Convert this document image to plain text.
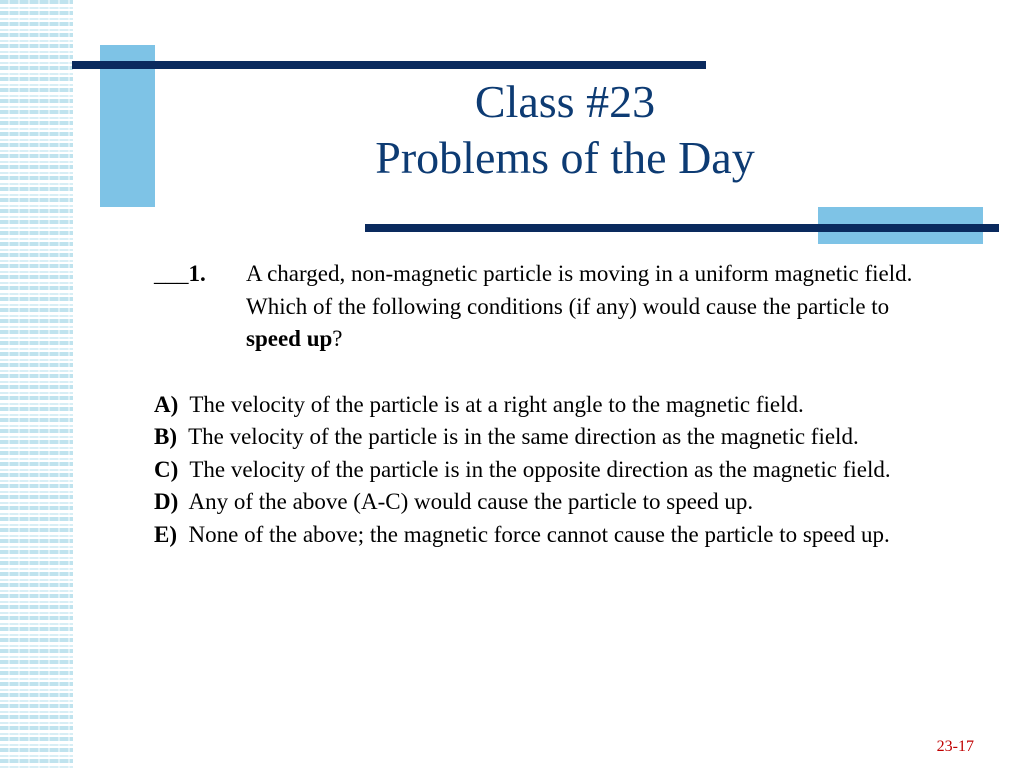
Class #23
Problems of the Day
___1.	A charged, non-magnetic particle is moving in a uniform magnetic field. Which of the following conditions (if any) would cause the particle to speed up?
A) The velocity of the particle is at a right angle to the magnetic field.
B) The velocity of the particle is in the same direction as the magnetic field.
C) The velocity of the particle is in the opposite direction as the magnetic field.
D) Any of the above (A-C) would cause the particle to speed up.
E) None of the above; the magnetic force cannot cause the particle to speed up.
23-17
